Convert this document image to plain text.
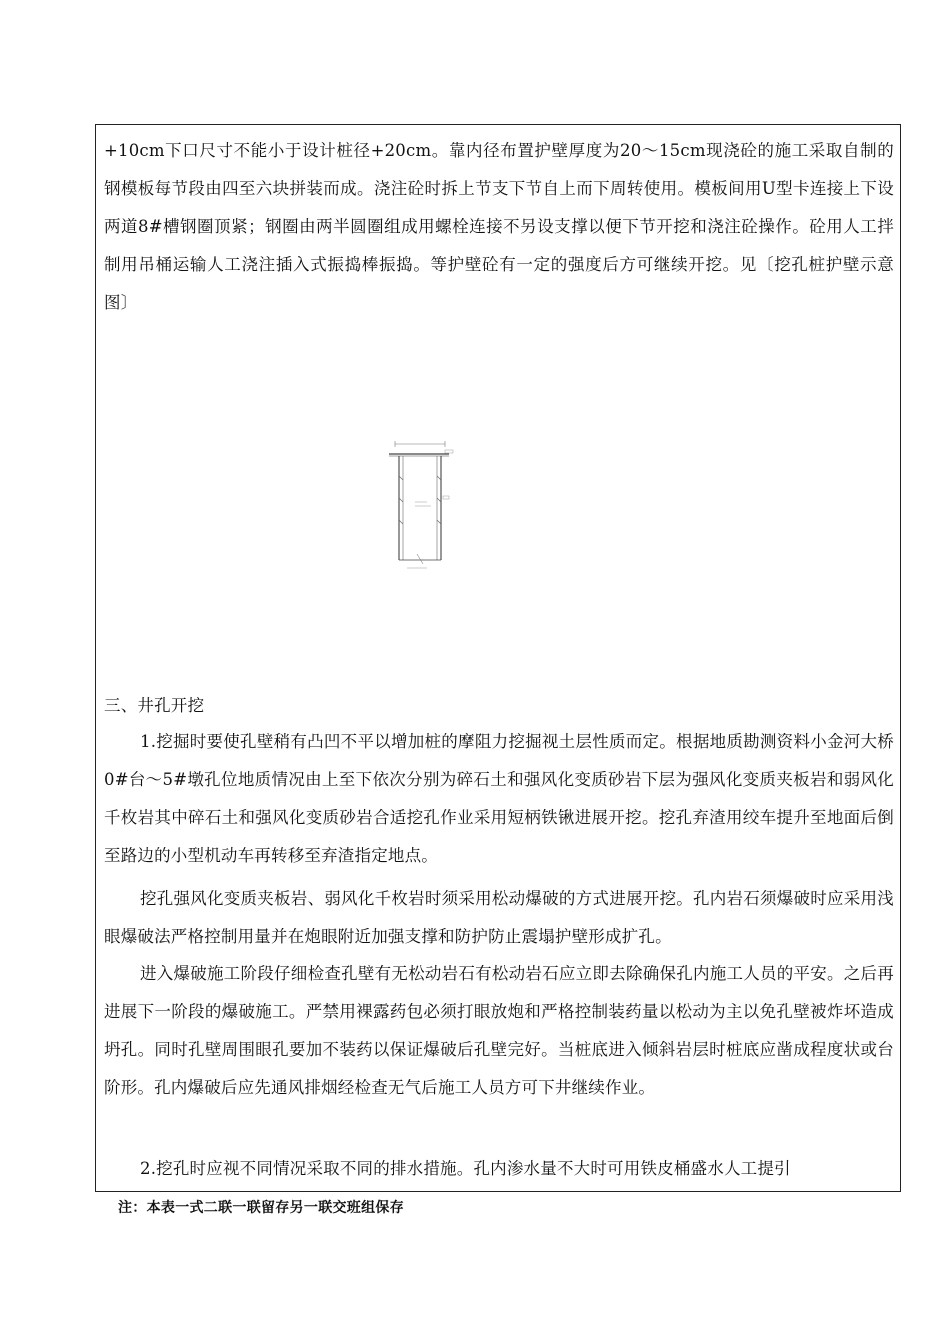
+10cm下口尺寸不能小于设计桩径+20cm。靠内径布置护壁厚度为20～15cm现浇砼的施工采取自制的钢模板每节段由四至六块拼装而成。浇注砼时拆上节支下节自上而下周转使用。模板间用U型卡连接上下设两道8#槽钢圈顶紧；钢圈由两半圆圈组成用螺栓连接不另设支撑以便下节开挖和浇注砼操作。砼用人工拌制用吊桶运输人工浇注插入式振捣棒振捣。等护壁砼有一定的强度后方可继续开挖。见〔挖孔桩护壁示意图〕

三、井孔开挖

1.挖掘时要使孔壁稍有凸凹不平以增加桩的摩阻力挖掘视土层性质而定。根据地质勘测资料小金河大桥0#台～5#墩孔位地质情况由上至下依次分别为碎石土和强风化变质砂岩下层为强风化变质夹板岩和弱风化千枚岩其中碎石土和强风化变质砂岩合适挖孔作业采用短柄铁锹进展开挖。挖孔弃渣用绞车提升至地面后倒至路边的小型机动车再转移至弃渣指定地点。

挖孔强风化变质夹板岩、弱风化千枚岩时须采用松动爆破的方式进展开挖。孔内岩石须爆破时应采用浅眼爆破法严格控制用量并在炮眼附近加强支撑和防护防止震塌护壁形成扩孔。

进入爆破施工阶段仔细检查孔壁有无松动岩石有松动岩石应立即去除确保孔内施工人员的平安。之后再进展下一阶段的爆破施工。严禁用裸露药包必须打眼放炮和严格控制装药量以松动为主以免孔壁被炸坏造成坍孔。同时孔壁周围眼孔要加不装药以保证爆破后孔壁完好。当桩底进入倾斜岩层时桩底应凿成程度状或台阶形。孔内爆破后应先通风排烟经检查无气后施工人员方可下井继续作业。

2.挖孔时应视不同情况采取不同的排水措施。孔内渗水量不大时可用铁皮桶盛水人工提引

注：本表一式二联一联留存另一联交班组保存
